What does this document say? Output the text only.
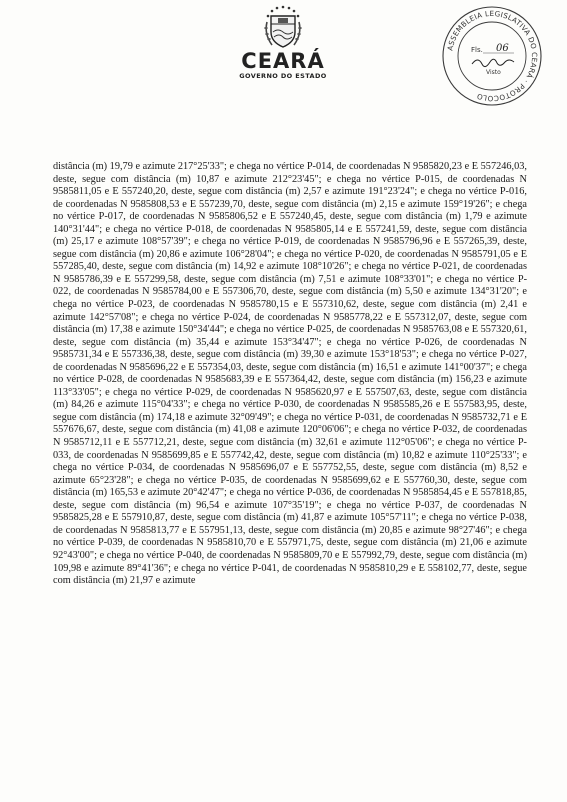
CEARÁ
GOVERNO DO ESTADO
ASSEMBLEIA LEGISLATIVA DO CEARÁ · PROTOCOLO
Fls. 06
Visto

distância (m) 19,79 e azimute 217°25'33"; e chega no vértice P-014, de coordenadas N 9585820,23 e E 557246,03, deste, segue com distância (m) 10,87 e azimute 212°23'45"; e chega no vértice P-015, de coordenadas N 9585811,05 e E 557240,20, deste, segue com distância (m) 2,57 e azimute 191°23'24"; e chega no vértice P-016, de coordenadas N 9585808,53 e E 557239,70, deste, segue com distância (m) 2,15 e azimute 159°19'26"; e chega no vértice P-017, de coordenadas N 9585806,52 e E 557240,45, deste, segue com distância (m) 1,79 e azimute 140°31'44"; e chega no vértice P-018, de coordenadas N 9585805,14 e E 557241,59, deste, segue com distância (m) 25,17 e azimute 108°57'39"; e chega no vértice P-019, de coordenadas N 9585796,96 e E 557265,39, deste, segue com distância (m) 20,86 e azimute 106°28'04"; e chega no vértice P-020, de coordenadas N 9585791,05 e E 557285,40, deste, segue com distância (m) 14,92 e azimute 108°10'26"; e chega no vértice P-021, de coordenadas N 9585786,39 e E 557299,58, deste, segue com distância (m) 7,51 e azimute 108°33'01"; e chega no vértice P-022, de coordenadas N 9585784,00 e E 557306,70, deste, segue com distância (m) 5,50 e azimute 134°31'20"; e chega no vértice P-023, de coordenadas N 9585780,15 e E 557310,62, deste, segue com distância (m) 2,41 e azimute 142°57'08"; e chega no vértice P-024, de coordenadas N 9585778,22 e E 557312,07, deste, segue com distância (m) 17,38 e azimute 150°34'44"; e chega no vértice P-025, de coordenadas N 9585763,08 e E 557320,61, deste, segue com distância (m) 35,44 e azimute 153°34'47"; e chega no vértice P-026, de coordenadas N 9585731,34 e E 557336,38, deste, segue com distância (m) 39,30 e azimute 153°18'53"; e chega no vértice P-027, de coordenadas N 9585696,22 e E 557354,03, deste, segue com distância (m) 16,51 e azimute 141°00'37"; e chega no vértice P-028, de coordenadas N 9585683,39 e E 557364,42, deste, segue com distância (m) 156,23 e azimute 113°33'05"; e chega no vértice P-029, de coordenadas N 9585620,97 e E 557507,63, deste, segue com distância (m) 84,26 e azimute 115°04'33"; e chega no vértice P-030, de coordenadas N 9585585,26 e E 557583,95, deste, segue com distância (m) 174,18 e azimute 32°09'49"; e chega no vértice P-031, de coordenadas N 9585732,71 e E 557676,67, deste, segue com distância (m) 41,08 e azimute 120°06'06"; e chega no vértice P-032, de coordenadas N 9585712,11 e E 557712,21, deste, segue com distância (m) 32,61 e azimute 112°05'06"; e chega no vértice P-033, de coordenadas N 9585699,85 e E 557742,42, deste, segue com distância (m) 10,82 e azimute 110°25'33"; e chega no vértice P-034, de coordenadas N 9585696,07 e E 557752,55, deste, segue com distância (m) 8,52 e azimute 65°23'28"; e chega no vértice P-035, de coordenadas N 9585699,62 e E 557760,30, deste, segue com distância (m) 165,53 e azimute 20°42'47"; e chega no vértice P-036, de coordenadas N 9585854,45 e E 557818,85, deste, segue com distância (m) 96,54 e azimute 107°35'19"; e chega no vértice P-037, de coordenadas N 9585825,28 e E 557910,87, deste, segue com distância (m) 41,87 e azimute 105°57'11"; e chega no vértice P-038, de coordenadas N 9585813,77 e E 557951,13, deste, segue com distância (m) 20,85 e azimute 98°27'46"; e chega no vértice P-039, de coordenadas N 9585810,70 e E 557971,75, deste, segue com distância (m) 21,06 e azimute 92°43'00"; e chega no vértice P-040, de coordenadas N 9585809,70 e E 557992,79, deste, segue com distância (m) 109,98 e azimute 89°41'36"; e chega no vértice P-041, de coordenadas N 9585810,29 e E 558102,77, deste, segue com distância (m) 21,97 e azimute
